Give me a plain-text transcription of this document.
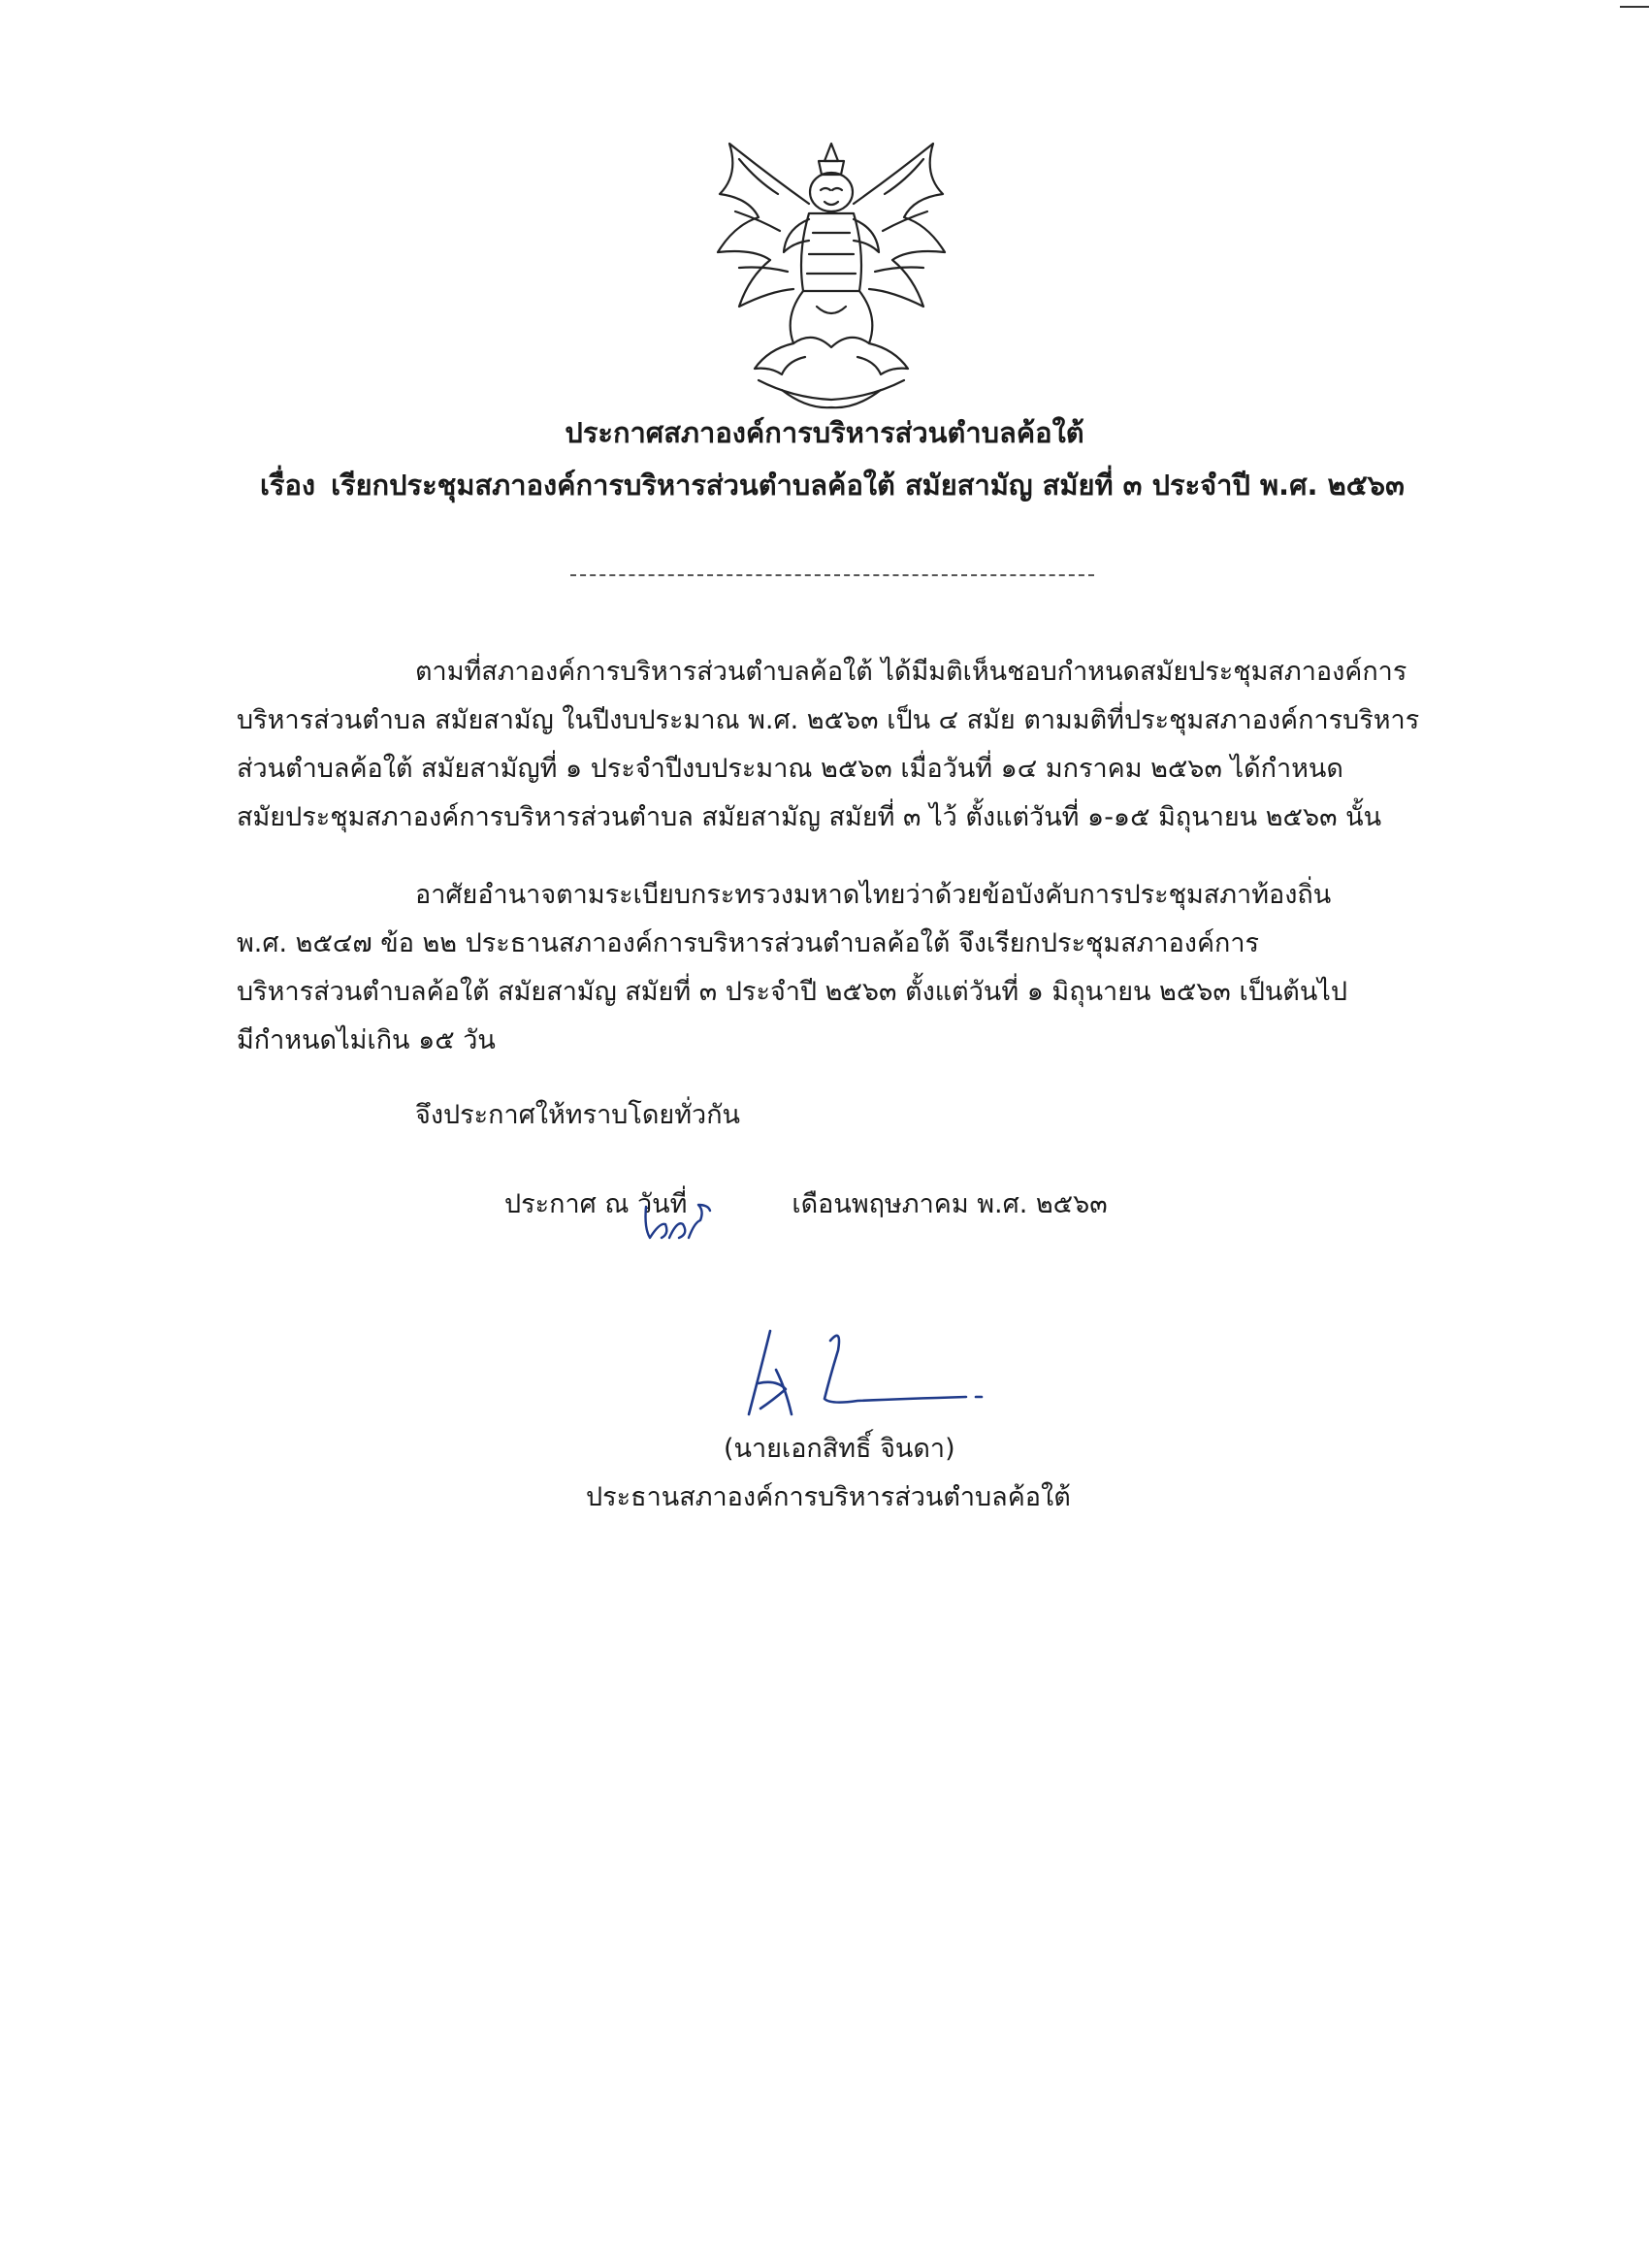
ประกาศสภาองค์การบริหารส่วนตำบลค้อใต้
เรื่อง เรียกประชุมสภาองค์การบริหารส่วนตำบลค้อใต้ สมัยสามัญ สมัยที่ ๓ ประจำปี พ.ศ. ๒๕๖๓
ตามที่สภาองค์การบริหารส่วนตำบลค้อใต้ ได้มีมติเห็นชอบกำหนดสมัยประชุมสภาองค์การ
บริหารส่วนตำบล สมัยสามัญ ในปีงบประมาณ พ.ศ. ๒๕๖๓ เป็น ๔ สมัย ตามมติที่ประชุมสภาองค์การบริหาร
ส่วนตำบลค้อใต้ สมัยสามัญที่ ๑ ประจำปีงบประมาณ ๒๕๖๓ เมื่อวันที่ ๑๔ มกราคม ๒๕๖๓ ได้กำหนด
สมัยประชุมสภาองค์การบริหารส่วนตำบล สมัยสามัญ สมัยที่ ๓ ไว้ ตั้งแต่วันที่ ๑-๑๕ มิถุนายน ๒๕๖๓ นั้น
อาศัยอำนาจตามระเบียบกระทรวงมหาดไทยว่าด้วยข้อบังคับการประชุมสภาท้องถิ่น
พ.ศ. ๒๕๔๗ ข้อ ๒๒ ประธานสภาองค์การบริหารส่วนตำบลค้อใต้ จึงเรียกประชุมสภาองค์การ
บริหารส่วนตำบลค้อใต้ สมัยสามัญ สมัยที่ ๓ ประจำปี ๒๕๖๓ ตั้งแต่วันที่ ๑ มิถุนายน ๒๕๖๓ เป็นต้นไป
มีกำหนดไม่เกิน ๑๕ วัน
จึงประกาศให้ทราบโดยทั่วกัน
ประกาศ ณ วันที่	เดือนพฤษภาคม พ.ศ. ๒๕๖๓
(นายเอกสิทธิ์ จินดา)
ประธานสภาองค์การบริหารส่วนตำบลค้อใต้
